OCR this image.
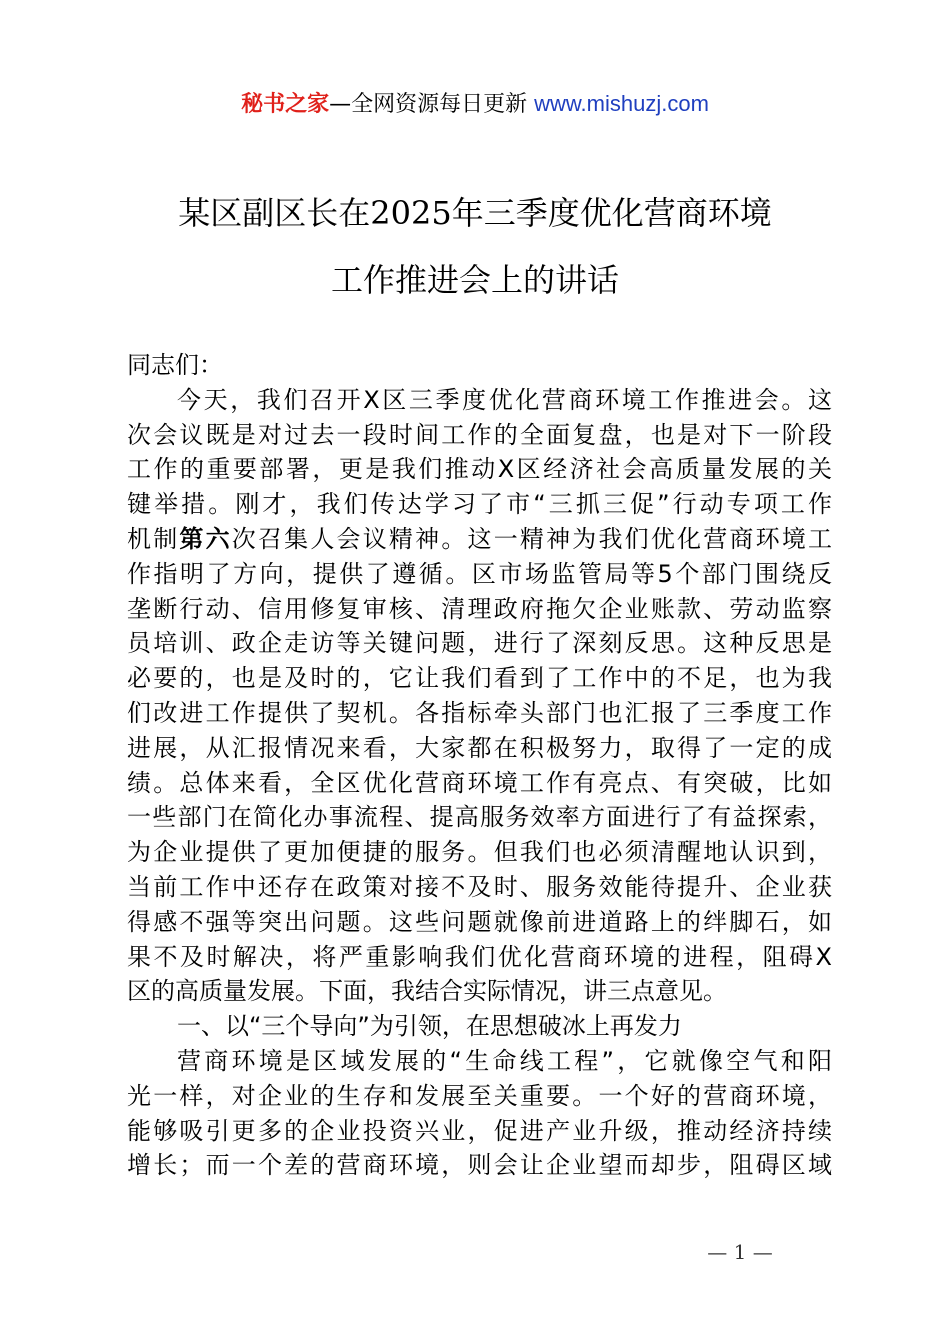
秘书之家—全网资源每日更新 www.mishuzj.com
某区副区长在2025年三季度优化营商环境
工作推进会上的讲话
同志们：
今天，我们召开X区三季度优化营商环境工作推进会。这
次会议既是对过去一段时间工作的全面复盘，也是对下一阶段
工作的重要部署，更是我们推动X区经济社会高质量发展的关
键举措。刚才，我们传达学习了市“三抓三促”行动专项工作
机制第六次召集人会议精神。这一精神为我们优化营商环境工
作指明了方向，提供了遵循。区市场监管局等5个部门围绕反
垄断行动、信用修复审核、清理政府拖欠企业账款、劳动监察
员培训、政企走访等关键问题，进行了深刻反思。这种反思是
必要的，也是及时的，它让我们看到了工作中的不足，也为我
们改进工作提供了契机。各指标牵头部门也汇报了三季度工作
进展，从汇报情况来看，大家都在积极努力，取得了一定的成
绩。总体来看，全区优化营商环境工作有亮点、有突破，比如
一些部门在简化办事流程、提高服务效率方面进行了有益探索，
为企业提供了更加便捷的服务。但我们也必须清醒地认识到，
当前工作中还存在政策对接不及时、服务效能待提升、企业获
得感不强等突出问题。这些问题就像前进道路上的绊脚石，如
果不及时解决，将严重影响我们优化营商环境的进程，阻碍X
区的高质量发展。下面，我结合实际情况，讲三点意见。
一、以“三个导向”为引领，在思想破冰上再发力
营商环境是区域发展的“生命线工程”，它就像空气和阳
光一样，对企业的生存和发展至关重要。一个好的营商环境，
能够吸引更多的企业投资兴业，促进产业升级，推动经济持续
增长；而一个差的营商环境，则会让企业望而却步，阻碍区域
— 1 —
